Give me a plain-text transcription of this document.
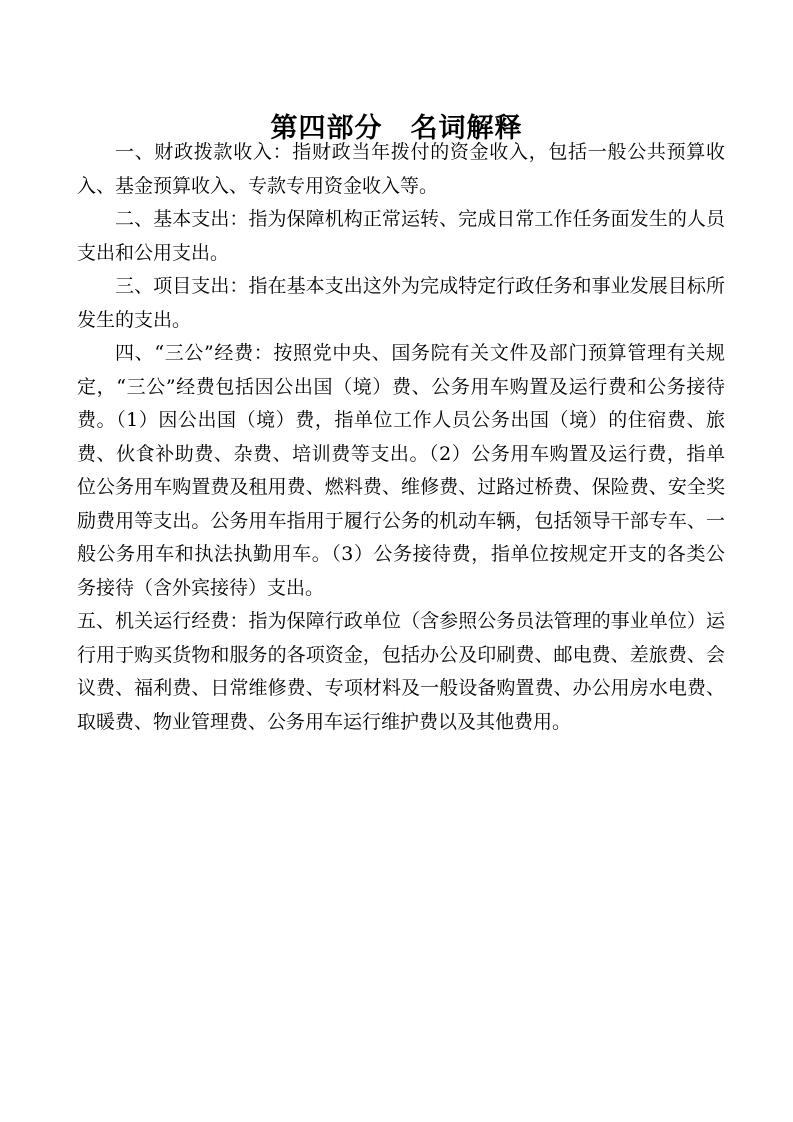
第四部分　名词解释

一、财政拨款收入：指财政当年拨付的资金收入，包括一般公共预算收入、基金预算收入、专款专用资金收入等。

二、基本支出：指为保障机构正常运转、完成日常工作任务面发生的人员支出和公用支出。

三、项目支出：指在基本支出这外为完成特定行政任务和事业发展目标所发生的支出。

四、“三公”经费：按照党中央、国务院有关文件及部门预算管理有关规定，“三公”经费包括因公出国（境）费、公务用车购置及运行费和公务接待费。（1）因公出国（境）费，指单位工作人员公务出国（境）的住宿费、旅费、伙食补助费、杂费、培训费等支出。（2）公务用车购置及运行费，指单位公务用车购置费及租用费、燃料费、维修费、过路过桥费、保险费、安全奖励费用等支出。公务用车指用于履行公务的机动车辆，包括领导干部专车、一般公务用车和执法执勤用车。（3）公务接待费，指单位按规定开支的各类公务接待（含外宾接待）支出。

五、机关运行经费：指为保障行政单位（含参照公务员法管理的事业单位）运行用于购买货物和服务的各项资金，包括办公及印刷费、邮电费、差旅费、会议费、福利费、日常维修费、专项材料及一般设备购置费、办公用房水电费、取暖费、物业管理费、公务用车运行维护费以及其他费用。
